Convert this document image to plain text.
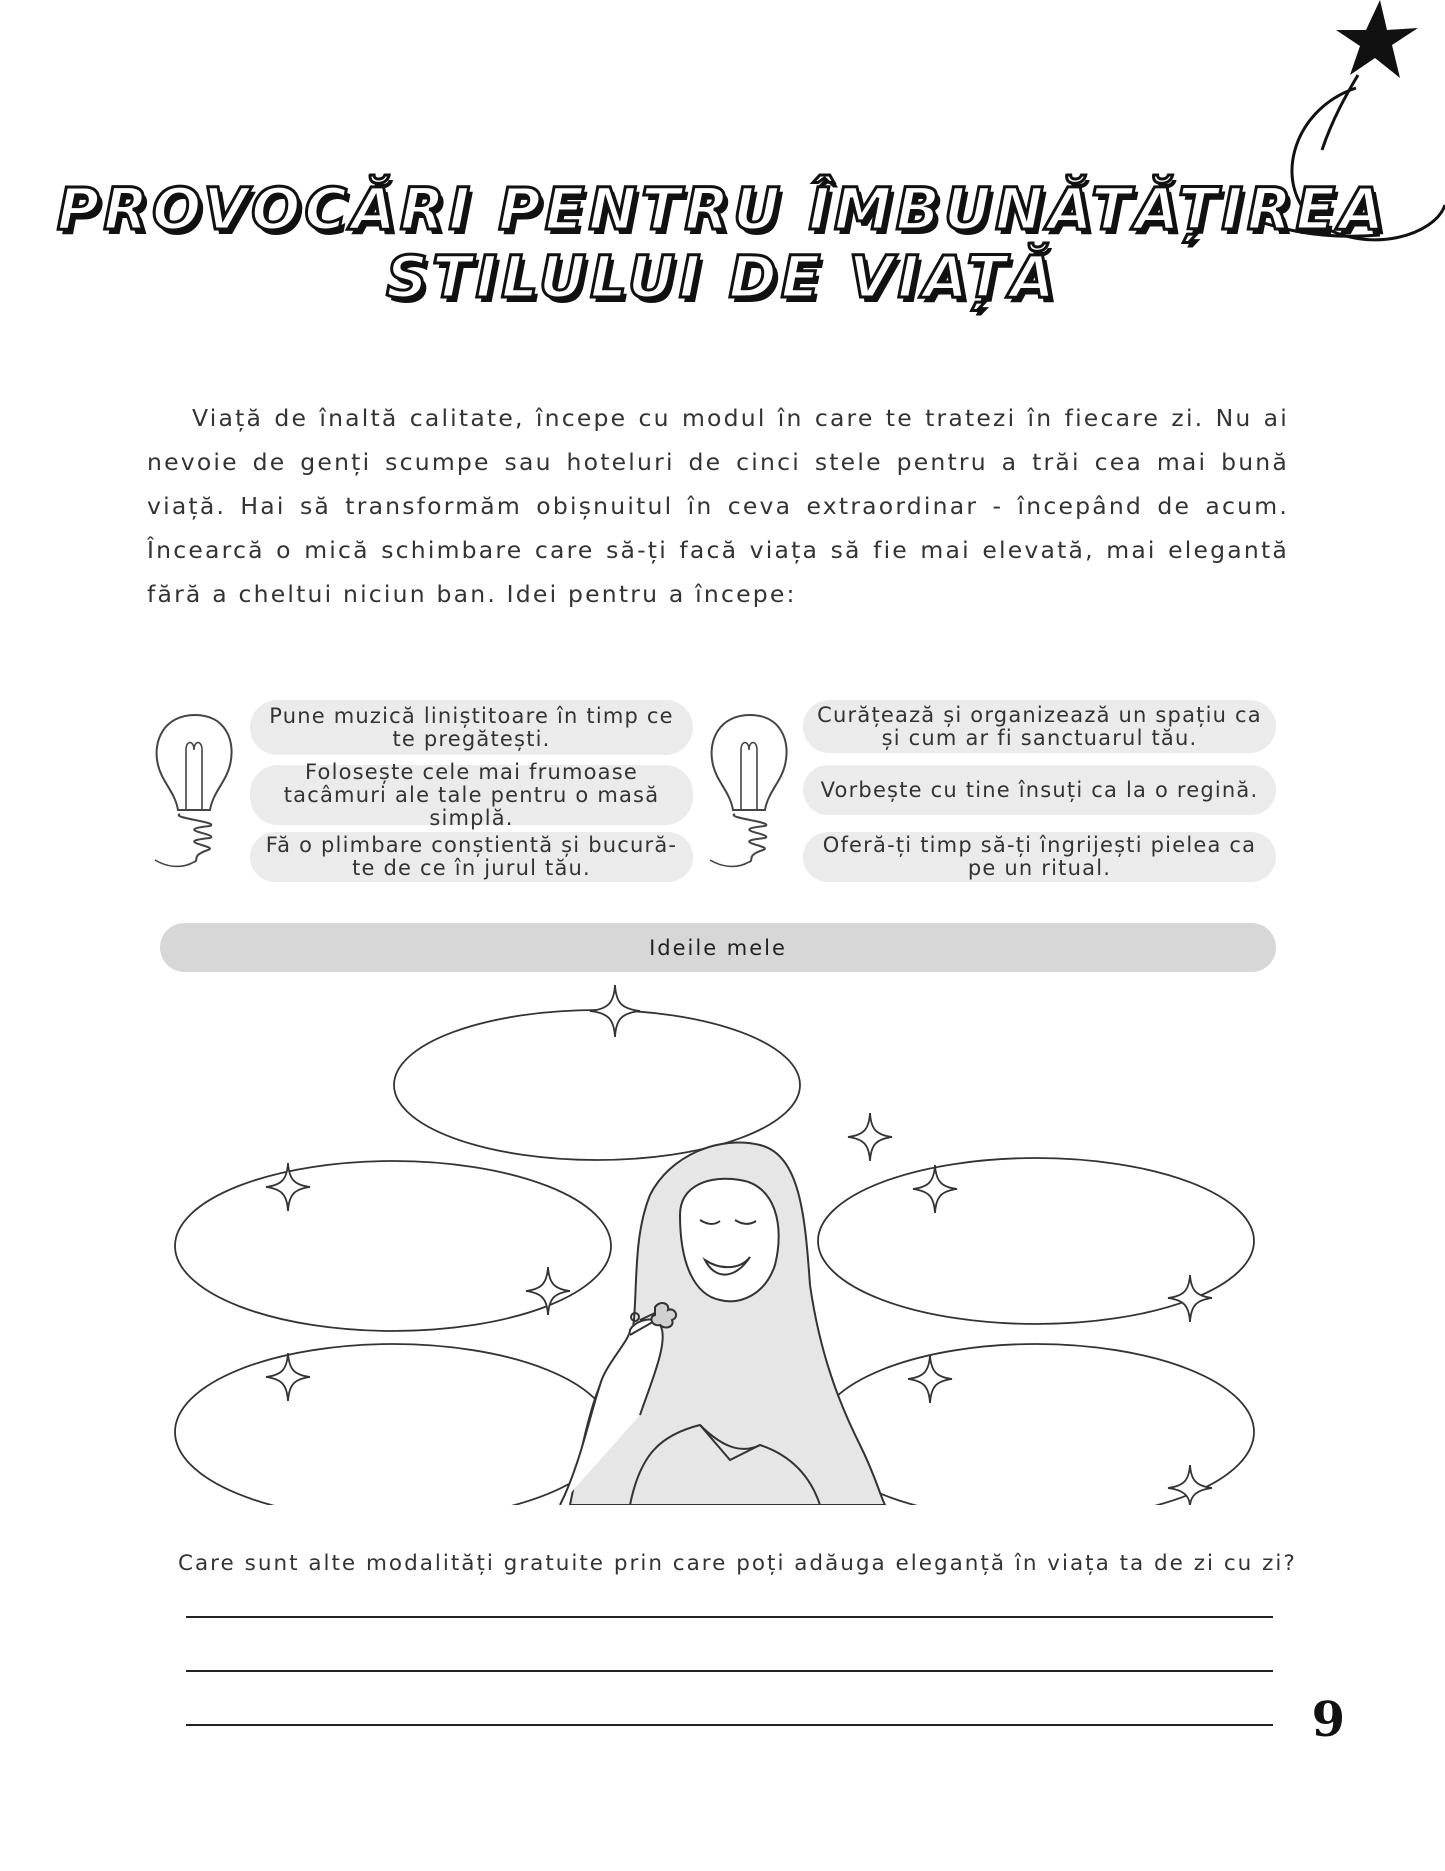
PROVOCĂRI PENTRU ÎMBUNĂTĂȚIREA
STILULUI DE VIAȚĂ

Viață de înaltă calitate, începe cu modul în care te tratezi în fiecare zi. Nu ai nevoie de genți scumpe sau hoteluri de cinci stele pentru a trăi cea mai bună viață. Hai să transformăm obișnuitul în ceva extraordinar - începând de acum. Încearcă o mică schimbare care să-ți facă viața să fie mai elevată, mai elegantă fără a cheltui niciun ban. Idei pentru a începe:

Pune muzică liniștitoare în timp ce te pregătești.
Folosește cele mai frumoase tacâmuri ale tale pentru o masă simplă.
Fă o plimbare conștientă și bucură-te de ce în jurul tău.
Curățează și organizează un spațiu ca și cum ar fi sanctuarul tău.
Vorbește cu tine însuți ca la o regină.
Oferă-ți timp să-ți îngrijești pielea ca pe un ritual.
Ideile mele

Care sunt alte modalități gratuite prin care poți adăuga eleganță în viața ta de zi cu zi?

9
